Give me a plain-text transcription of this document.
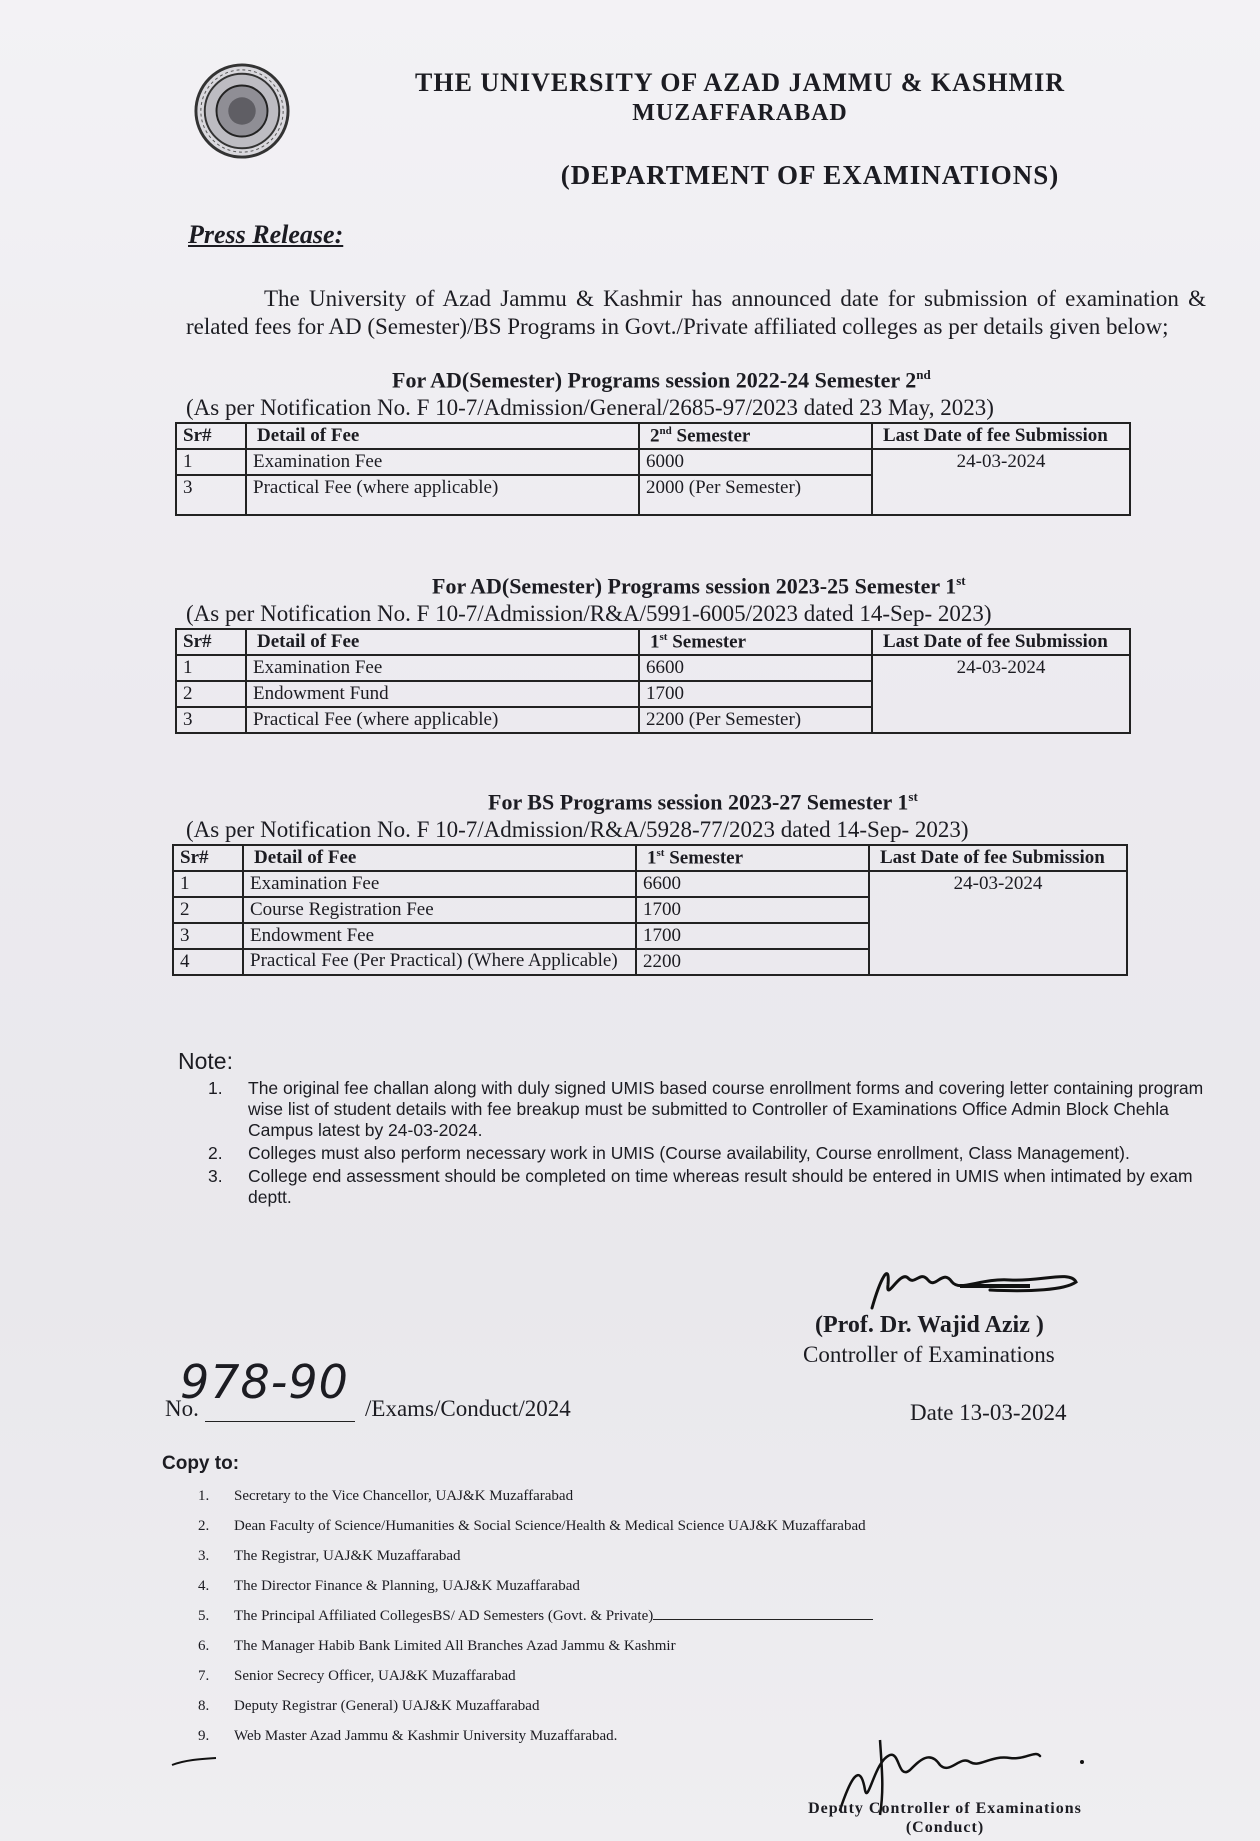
THE UNIVERSITY OF AZAD JAMMU & KASHMIR
MUZAFFARABAD
(DEPARTMENT OF EXAMINATIONS)
Press Release:
The University of Azad Jammu & Kashmir has announced date for submission of examination & related fees for AD (Semester)/BS Programs in Govt./Private affiliated colleges as per details given below;
For AD(Semester) Programs session 2022-24 Semester 2nd
(As per Notification No. F 10-7/Admission/General/2685-97/2023 dated 23 May, 2023)
Sr#	Detail of Fee	2nd Semester	Last Date of fee Submission
1	Examination Fee	6000	24-03-2024
3	Practical Fee (where applicable)	2000 (Per Semester)	
For AD(Semester) Programs session 2023-25 Semester 1st
(As per Notification No. F 10-7/Admission/R&A/5991-6005/2023 dated 14-Sep- 2023)
Sr#	Detail of Fee	1st Semester	Last Date of fee Submission
1	Examination Fee	6600	24-03-2024
2	Endowment Fund	1700	
3	Practical Fee (where applicable)	2200 (Per Semester)	
For BS Programs session 2023-27 Semester 1st
(As per Notification No. F 10-7/Admission/R&A/5928-77/2023 dated 14-Sep- 2023)
Sr#	Detail of Fee	1st Semester	Last Date of fee Submission
1	Examination Fee	6600	24-03-2024
2	Course Registration Fee	1700	
3	Endowment Fee	1700	
4	Practical Fee (Per Practical) (Where Applicable)	2200	
Note:
1. The original fee challan along with duly signed UMIS based course enrollment forms and covering letter containing program wise list of student details with fee breakup must be submitted to Controller of Examinations Office Admin Block Chehla Campus latest by 24-03-2024.
2. Colleges must also perform necessary work in UMIS (Course availability, Course enrollment, Class Management).
3. College end assessment should be completed on time whereas result should be entered in UMIS when intimated by exam deptt.
(Prof. Dr. Wajid Aziz )
Controller of Examinations
No.
978-90 /Exams/Conduct/2024	Date 13-03-2024
Copy to:
1. Secretary to the Vice Chancellor, UAJ&K Muzaffarabad
2. Dean Faculty of Science/Humanities & Social Science/Health & Medical Science UAJ&K Muzaffarabad
3. The Registrar, UAJ&K Muzaffarabad
4. The Director Finance & Planning, UAJ&K Muzaffarabad
5. The Principal Affiliated CollegesBS/ AD Semesters (Govt. & Private)
6. The Manager Habib Bank Limited All Branches Azad Jammu & Kashmir
7. Senior Secrecy Officer, UAJ&K Muzaffarabad
8. Deputy Registrar (General) UAJ&K Muzaffarabad
9. Web Master Azad Jammu & Kashmir University Muzaffarabad.
Deputy Controller of Examinations
(Conduct)
